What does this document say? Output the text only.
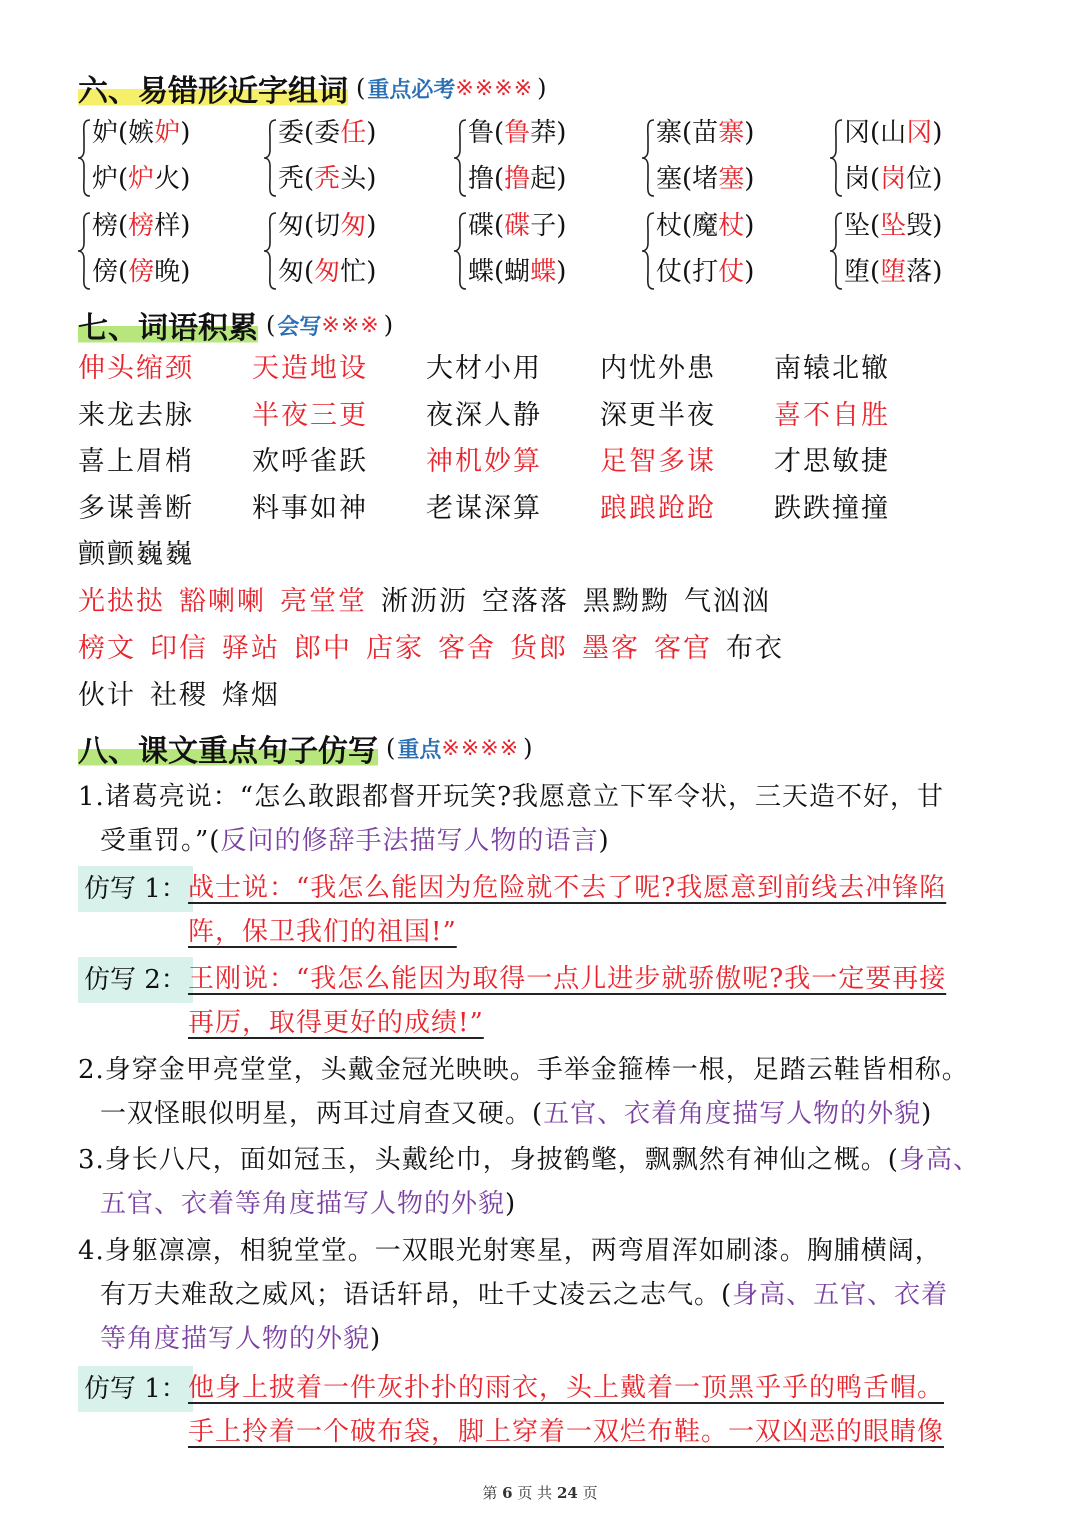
六、易错形近字组词 ( 重点必考 ※※※※ )
妒(嫉妒)
炉(炉火)
委(委任)
秃(秃头)
鲁(鲁莽)
撸(撸起)
寨(苗寨)
塞(堵塞)
冈(山冈)
岗(岗位)
榜(榜样)
傍(傍晚)
匆(切匆)
匆(匆忙)
碟(碟子)
蝶(蝴蝶)
杖(魔杖)
仗(打仗)
坠(坠毁)
堕(堕落)
七、词语积累 ( 会写 ※※※ )
伸头缩颈 天造地设 大材小用 内忧外患 南辕北辙
来龙去脉 半夜三更 夜深人静 深更半夜 喜不自胜
喜上眉梢 欢呼雀跃 神机妙算 足智多谋 才思敏捷
多谋善断 料事如神 老谋深算 踉踉跄跄 跌跌撞撞
颤颤巍巍
光挞挞 豁喇喇 亮堂堂 淅沥沥 空落落 黑黝黝 气汹汹
榜文 印信 驿站 郎中 店家 客舍 货郎 墨客 客官 布衣
伙计 社稷 烽烟
八、课文重点句子仿写 ( 重点 ※※※※ )
1.诸葛亮说：“怎么敢跟都督开玩笑?我愿意立下军令状，三天造不好，甘
受重罚。”(反问的修辞手法描写人物的语言)
仿写 1： 战士说：“我怎么能因为危险就不去了呢?我愿意到前线去冲锋陷
阵，保卫我们的祖国!”
仿写 2： 王刚说：“我怎么能因为取得一点儿进步就骄傲呢?我一定要再接
再厉，取得更好的成绩!”
2.身穿金甲亮堂堂，头戴金冠光映映。手举金箍棒一根，足踏云鞋皆相称。
一双怪眼似明星，两耳过肩查又硬。(五官、衣着角度描写人物的外貌)
3.身长八尺，面如冠玉，头戴纶巾，身披鹤氅，飘飘然有神仙之概。(身高、
五官、衣着等角度描写人物的外貌)
4.身躯凛凛，相貌堂堂。一双眼光射寒星，两弯眉浑如刷漆。胸脯横阔，
有万夫难敌之威风；语话轩昂，吐千丈凌云之志气。(身高、五官、衣着
等角度描写人物的外貌)
仿写 1： 他身上披着一件灰扑扑的雨衣，头上戴着一顶黑乎乎的鸭舌帽。
手上拎着一个破布袋，脚上穿着一双烂布鞋。一双凶恶的眼睛像
第 6 页 共 24 页
